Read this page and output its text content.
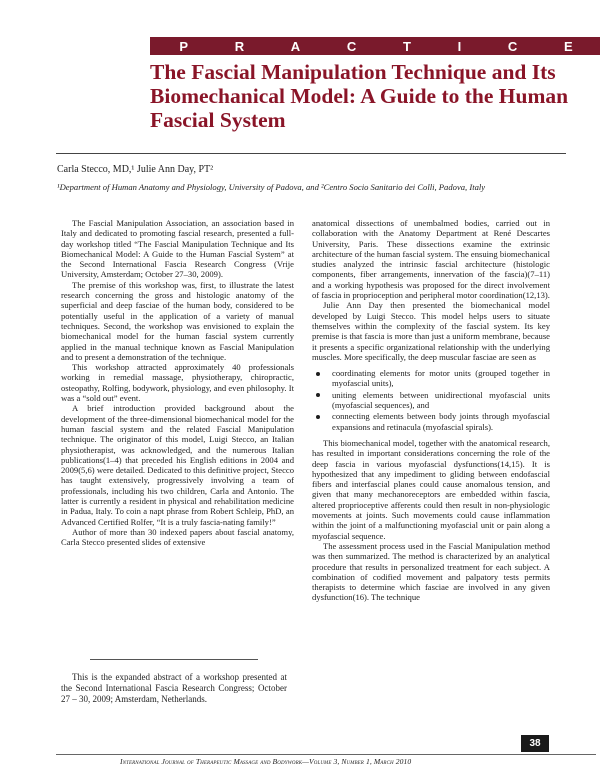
P	R	A	C	T	I	C	E
The Fascial Manipulation Technique and Its Biomechanical Model: A Guide to the Human Fascial System
Carla Stecco, MD,¹ Julie Ann Day, PT²
¹Department of Human Anatomy and Physiology, University of Padova, and ²Centro Socio Sanitario dei Colli, Padova, Italy

The Fascial Manipulation Association, an association based in Italy and dedicated to promoting fascial research, presented a full-day workshop titled “The Fascial Manipulation Technique and Its Biomechanical Model: A Guide to the Human Fascial System” at the Second International Fascia Research Congress (Vrije University, Amsterdam; October 27–30, 2009).

The premise of this workshop was, first, to illustrate the latest research concerning the gross and histologic anatomy of the superficial and deep fasciae of the human body, considered to be potentially useful in the application of a variety of manual techniques. Second, the workshop was envisioned to explain the biomechanical model for the human fascial system currently applied in the manual technique known as Fascial Manipulation and to present a demonstration of the technique.

This workshop attracted approximately 40 professionals working in remedial massage, physiotherapy, chiropractic, osteopathy, Rolfing, bodywork, physiology, and even philosophy. It was a “sold out” event.

A brief introduction provided background about the development of the three-dimensional biomechanical model for the human fascial system and the related Fascial Manipulation technique. The originator of this model, Luigi Stecco, an Italian physiotherapist, was acknowledged, and the numerous Italian publications(1–4) that preceded his English editions in 2004 and 2009(5,6) were detailed. Dedicated to this definitive project, Stecco has taught extensively, progressively involving a team of professionals, including his two children, Carla and Antonio. The latter is currently a resident in physical and rehabilitation medicine in Padua, Italy. To coin a napt phrase from Robert Schleip, PhD, an Advanced Certified Rolfer, “It is a truly fascia-nating family!”

Author of more than 30 indexed papers about fascial anatomy, Carla Stecco presented slides of extensive

anatomical dissections of unembalmed bodies, carried out in collaboration with the Anatomy Department at René Descartes University, Paris. These dissections examine the extrinsic architecture of the human fascial system. The ensuing biomechanical studies analyzed the intrinsic fascial architecture (histologic components, fiber arrangements, innervation of the fascia)(7–11) and a working hypothesis was proposed for the direct involvement of fascia in proprioception and peripheral motor coordination(12,13).

Julie Ann Day then presented the biomechanical model developed by Luigi Stecco. This model helps users to situate themselves within the complexity of the fascial system. Its key premise is that fascia is more than just a uniform membrane, because it presents a specific organizational relationship with the underlying muscles. More specifically, the deep muscular fasciae are seen as

coordinating elements for motor units (grouped together in myofascial units),
uniting elements between unidirectional myofascial units (myofascial sequences), and
connecting elements between body joints through myofascial expansions and retinacula (myofascial spirals).

This biomechanical model, together with the anatomical research, has resulted in important considerations concerning the role of the deep fascia in various myofascial dysfunctions(14,15). It is hypothesized that any impediment to gliding between endofascial fibers and interfascial planes could cause anomalous tension, and given that many mechanoreceptors are embedded within fascia, altered proprioceptive afferents could then result in non-physiologic movements at joints. Such movements could cause inflammation within the joint of a malfunctioning myofascial unit or pain along a myofascial sequence.

The assessment process used in the Fascial Manipulation method was then summarized. The method is characterized by an analytical procedure that results in personalized treatment for each subject. A combination of codified movement and palpatory tests permits therapists to determine which fasciae are involved in any given dysfunction(16). The technique

This is the expanded abstract of a workshop presented at the Second International Fascia Research Congress; October 27 – 30, 2009; Amsterdam, Netherlands.

38
International Journal of Therapeutic Massage and Bodywork—Volume 3, Number 1, March 2010
